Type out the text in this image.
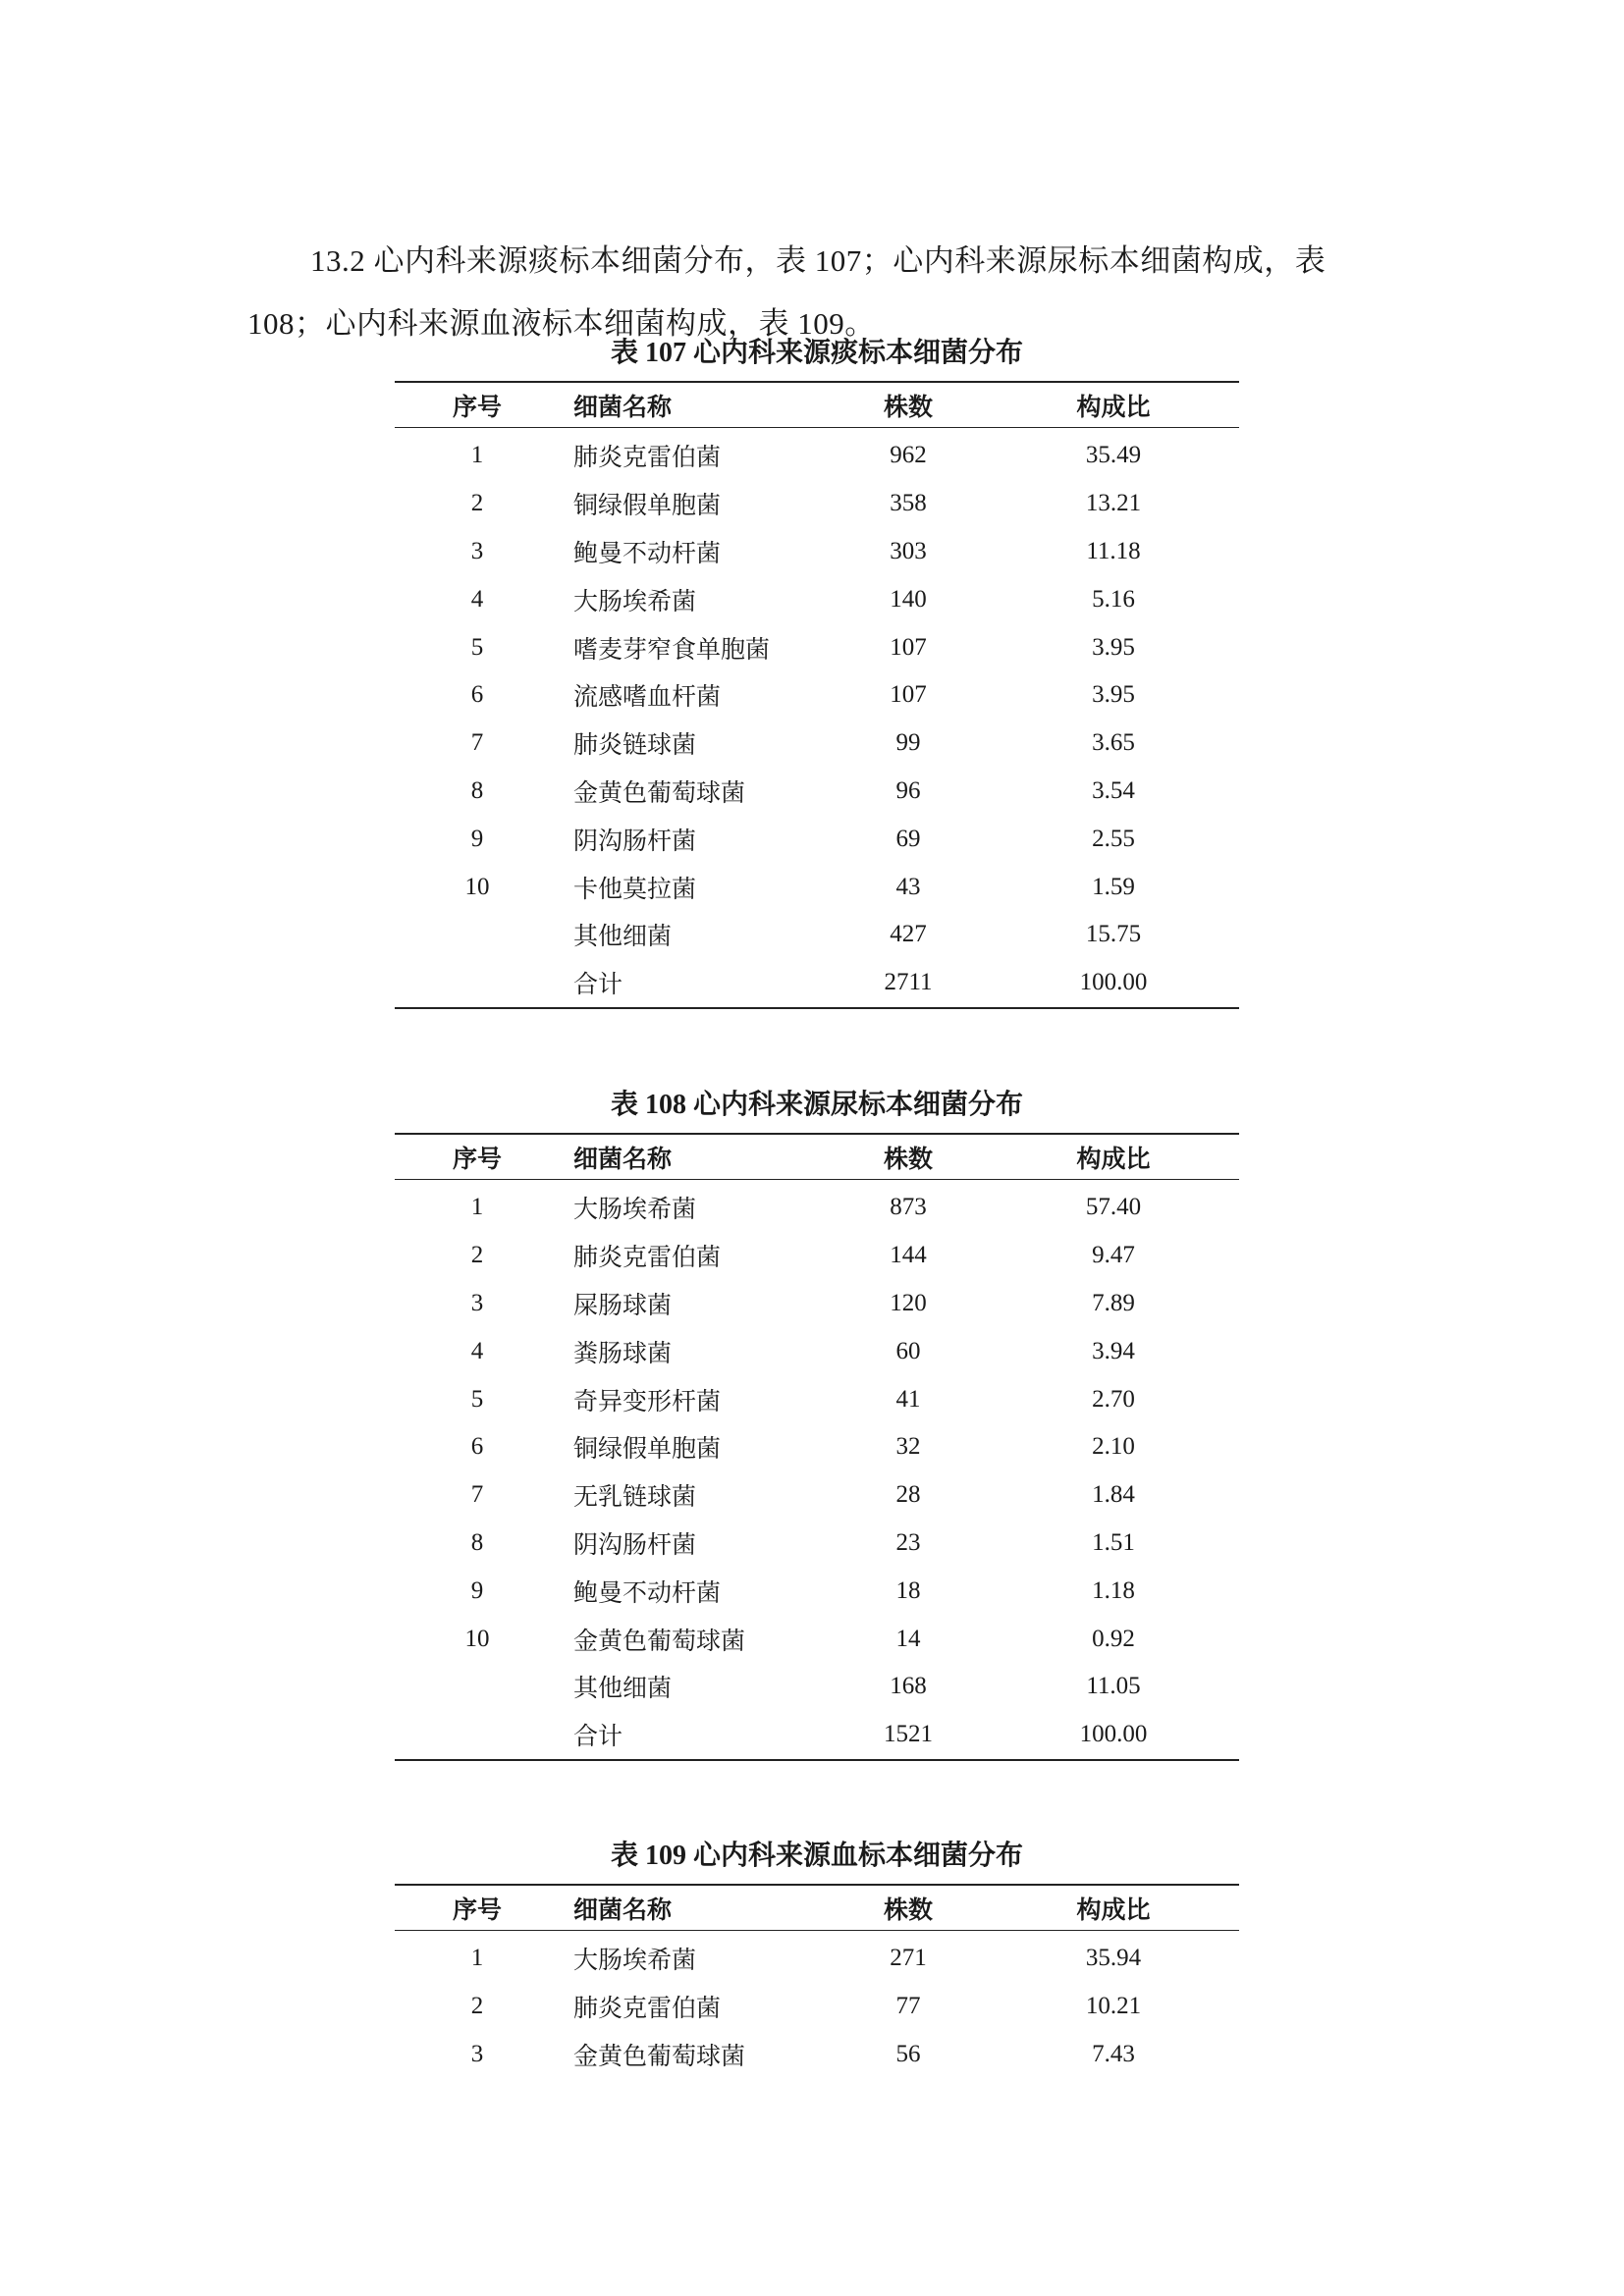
13.2 心内科来源痰标本细菌分布，表 107；心内科来源尿标本细菌构成，表 108；心内科来源血液标本细菌构成，表 109。

表 107 心内科来源痰标本细菌分布
序号	细菌名称	株数	构成比
1	肺炎克雷伯菌	962	35.49
2	铜绿假单胞菌	358	13.21
3	鲍曼不动杆菌	303	11.18
4	大肠埃希菌	140	5.16
5	嗜麦芽窄食单胞菌	107	3.95
6	流感嗜血杆菌	107	3.95
7	肺炎链球菌	99	3.65
8	金黄色葡萄球菌	96	3.54
9	阴沟肠杆菌	69	2.55
10	卡他莫拉菌	43	1.59
	其他细菌	427	15.75
	合计	2711	100.00
表 108 心内科来源尿标本细菌分布
序号	细菌名称	株数	构成比
1	大肠埃希菌	873	57.40
2	肺炎克雷伯菌	144	9.47
3	屎肠球菌	120	7.89
4	粪肠球菌	60	3.94
5	奇异变形杆菌	41	2.70
6	铜绿假单胞菌	32	2.10
7	无乳链球菌	28	1.84
8	阴沟肠杆菌	23	1.51
9	鲍曼不动杆菌	18	1.18
10	金黄色葡萄球菌	14	0.92
	其他细菌	168	11.05
	合计	1521	100.00
表 109 心内科来源血标本细菌分布
序号	细菌名称	株数	构成比
1	大肠埃希菌	271	35.94
2	肺炎克雷伯菌	77	10.21
3	金黄色葡萄球菌	56	7.43
